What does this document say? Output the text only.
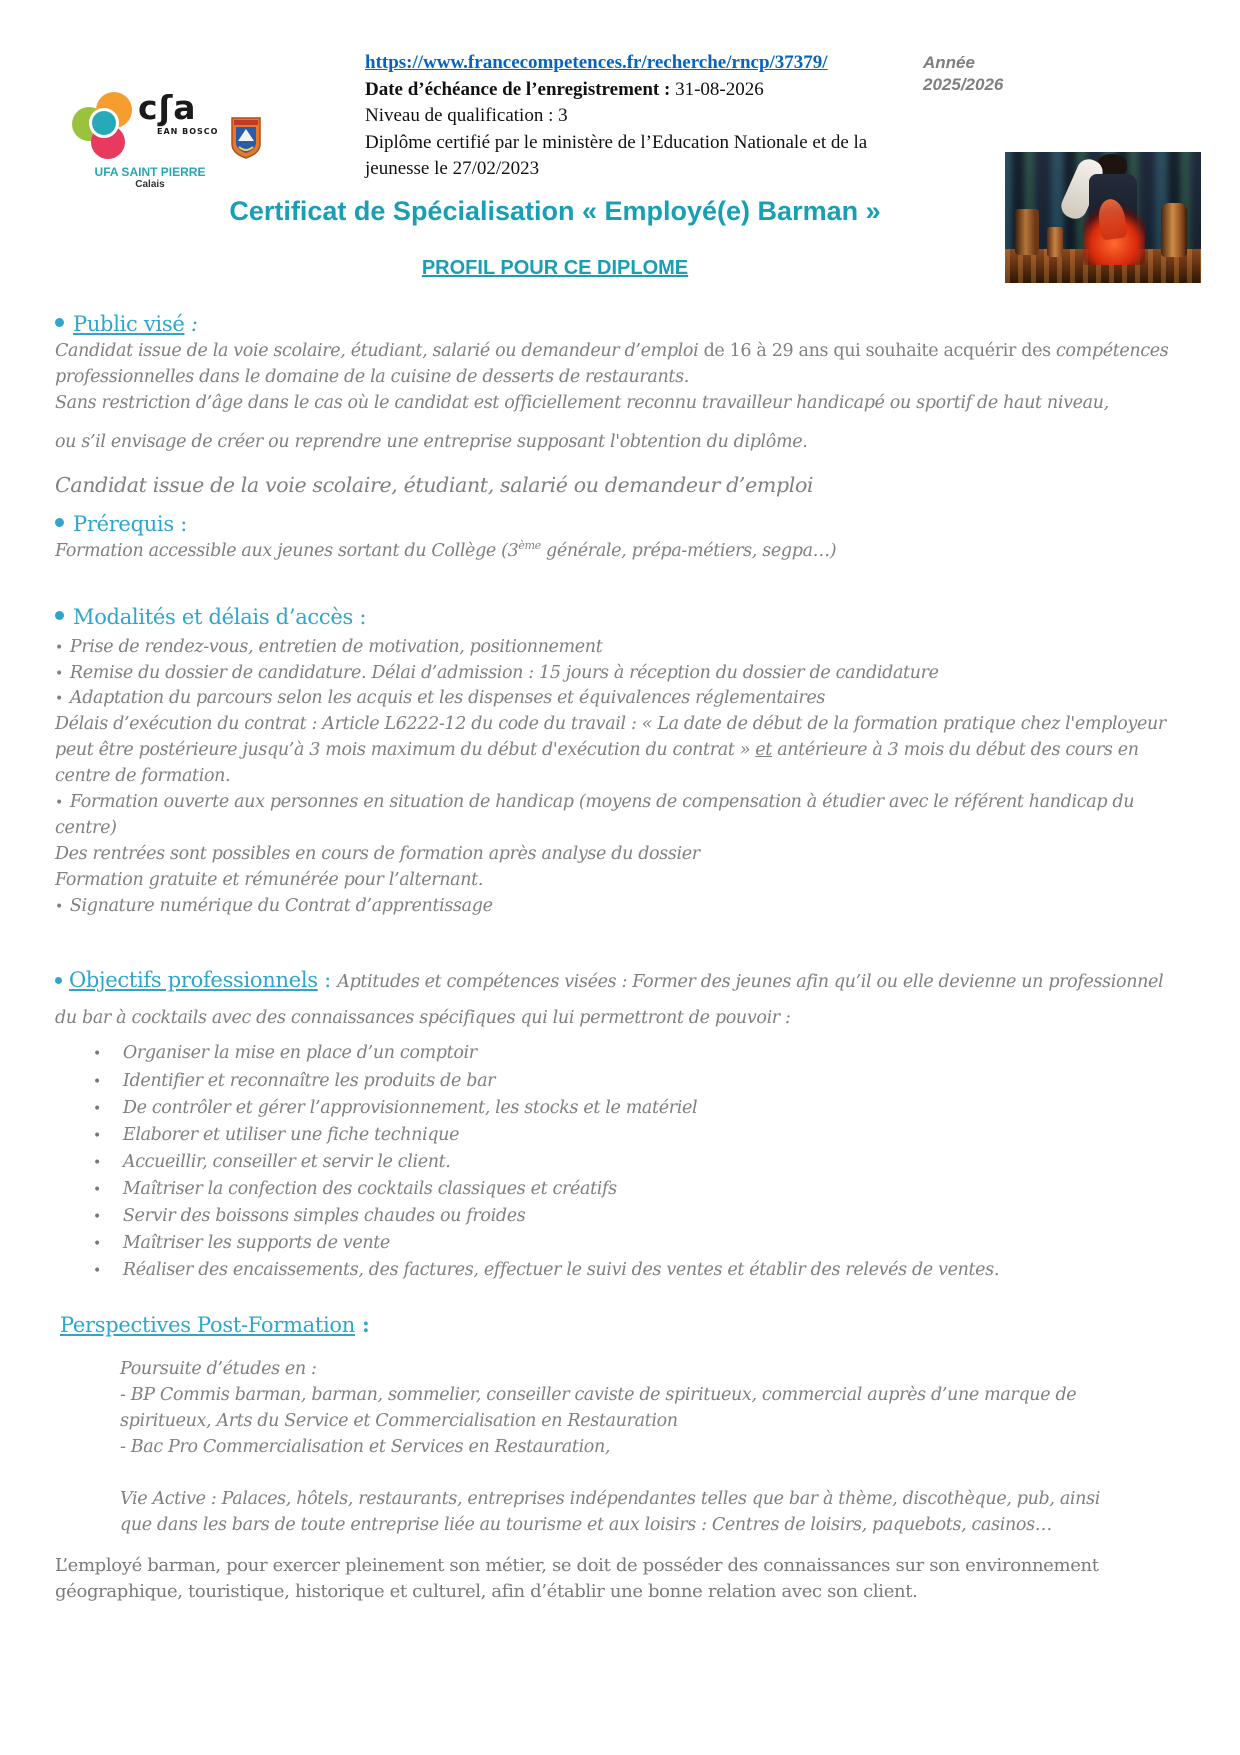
cʃa
EAN BOSCO
UFA SAINT PIERRE
Calais
https://www.francecompetences.fr/recherche/rncp/37379/
Date d’échéance de l’enregistrement : 31-08-2026
Niveau de qualification : 3
Diplôme certifié par le ministère de l’Education Nationale et de la jeunesse le 27/02/2023
Année
2025/2026
Certificat de Spécialisation « Employé(e) Barman »
PROFIL POUR CE DIPLOME
Public visé :

Candidat issue de la voie scolaire, étudiant, salarié ou demandeur d’emploi de 16 à 29 ans qui souhaite acquérir des compétences professionnelles dans le domaine de la cuisine de desserts de restaurants.

Sans restriction d’âge dans le cas où le candidat est officiellement reconnu travailleur handicapé ou sportif de haut niveau,

ou s’il envisage de créer ou reprendre une entreprise supposant l'obtention du diplôme.

Candidat issue de la voie scolaire, étudiant, salarié ou demandeur d’emploi

Prérequis :

Formation accessible aux jeunes sortant du Collège (3ème générale, prépa-métiers, segpa…)

Modalités et délais d’accès :

• Prise de rendez-vous, entretien de motivation, positionnement

• Remise du dossier de candidature. Délai d’admission : 15 jours à réception du dossier de candidature

• Adaptation du parcours selon les acquis et les dispenses et équivalences réglementaires

Délais d’exécution du contrat : Article L6222-12 du code du travail : « La date de début de la formation pratique chez l'employeur peut être postérieure jusqu’à 3 mois maximum du début d'exécution du contrat » et antérieure à 3 mois du début des cours en centre de formation.

• Formation ouverte aux personnes en situation de handicap (moyens de compensation à étudier avec le référent handicap du centre)

Des rentrées sont possibles en cours de formation après analyse du dossier

Formation gratuite et rémunérée pour l’alternant.

• Signature numérique du Contrat d’apprentissage

Objectifs professionnels : Aptitudes et compétences visées : Former des jeunes afin qu’il ou elle devienne un professionnel du bar à cocktails avec des connaissances spécifiques qui lui permettront de pouvoir :

• Organiser la mise en place d’un comptoir
• Identifier et reconnaître les produits de bar
• De contrôler et gérer l’approvisionnement, les stocks et le matériel
• Elaborer et utiliser une fiche technique
• Accueillir, conseiller et servir le client.
• Maîtriser la confection des cocktails classiques et créatifs
• Servir des boissons simples chaudes ou froides
• Maîtriser les supports de vente
• Réaliser des encaissements, des factures, effectuer le suivi des ventes et établir des relevés de ventes.
Perspectives Post-Formation :

Poursuite d’études en :

- BP Commis barman, barman, sommelier, conseiller caviste de spiritueux, commercial auprès d’une marque de spiritueux, Arts du Service et Commercialisation en Restauration

- Bac Pro Commercialisation et Services en Restauration,

Vie Active : Palaces, hôtels, restaurants, entreprises indépendantes telles que bar à thème, discothèque, pub, ainsi que dans les bars de toute entreprise liée au tourisme et aux loisirs : Centres de loisirs, paquebots, casinos…

L’employé barman, pour exercer pleinement son métier, se doit de posséder des connaissances sur son environnement géographique, touristique, historique et culturel, afin d’établir une bonne relation avec son client.
